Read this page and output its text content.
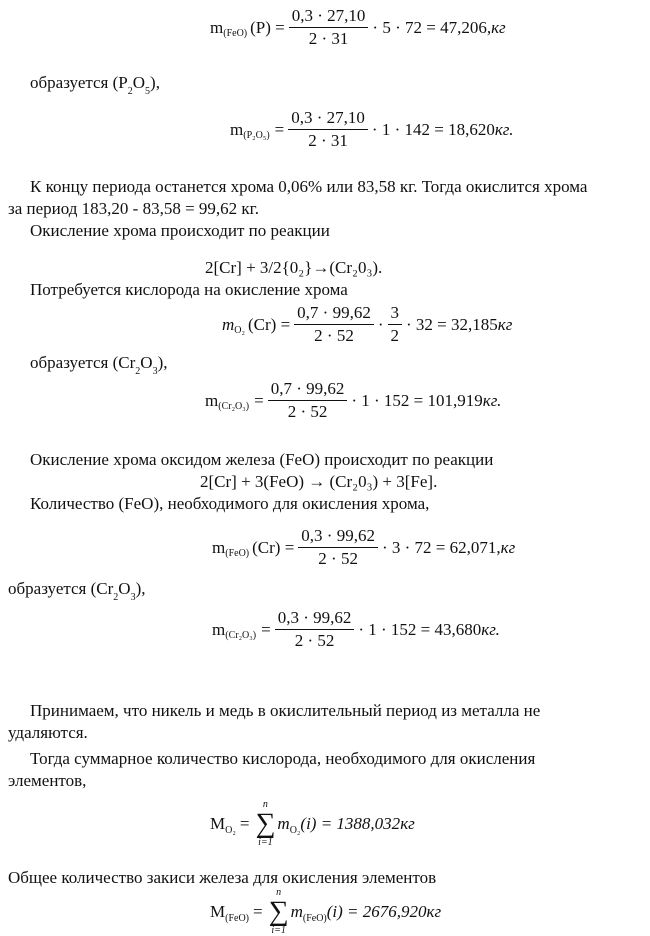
m (FeO) $(P) = \frac{0,3 \cdot 27,10}{2 \cdot 31} \cdot 5 \cdot 72 = 47,206$, кг
образуется $(P_2O_5)$,
m $(P_2O_5) = \frac{0,3 \cdot 27,10}{2 \cdot 31} \cdot 1 \cdot 142 = 18,620$ кг.
К концу периода останется хрома 0,06% или 83,58 кг. Тогда окислится хрома
за период 183,20 - 83,58 = 99,62 кг.
Окисление хрома происходит по реакции
2[Cr] + 3/2{0₂}→(Cr₂0₃).
Потребуется кислорода на окисление хрома
m O₂ $(Cr) = \frac{0,7 \cdot 99,62}{2 \cdot 52} \cdot \frac{3}{2} \cdot 32 = 32,185$ кг
образуется $(Cr_2O_3)$,
m $(Cr_2O_3) = \frac{0,7 \cdot 99,62}{2 \cdot 52} \cdot 1 \cdot 152 = 101,919$ кг.
Окисление хрома оксидом железа (FeO) происходит по реакции
2[Cr] + 3(FeO) → (Cr₂0₃) + 3[Fe].
Количество (FeO), необходимого для окисления хрома,
m (FeO) $(Cr) = \frac{0,3 \cdot 99,62}{2 \cdot 52} \cdot 3 \cdot 72 = 62,071$, кг
образуется $(Cr_2O_3)$,
m $(Cr_2O_3) = \frac{0,3 \cdot 99,62}{2 \cdot 52} \cdot 1 \cdot 152 = 43,680$ кг.
Принимаем, что никель и медь в окислительный период из металла не
удаляются.
Тогда суммарное количество кислорода, необходимого для окисления
элементов,
M O₂ =
n
∑
i=1
m O₂ (i) = 1388,032 кг
Общее количество закиси железа для окисления элементов
M (FeO) =
n
∑
i=1
m (FeO) (i) = 2676,920 кг
